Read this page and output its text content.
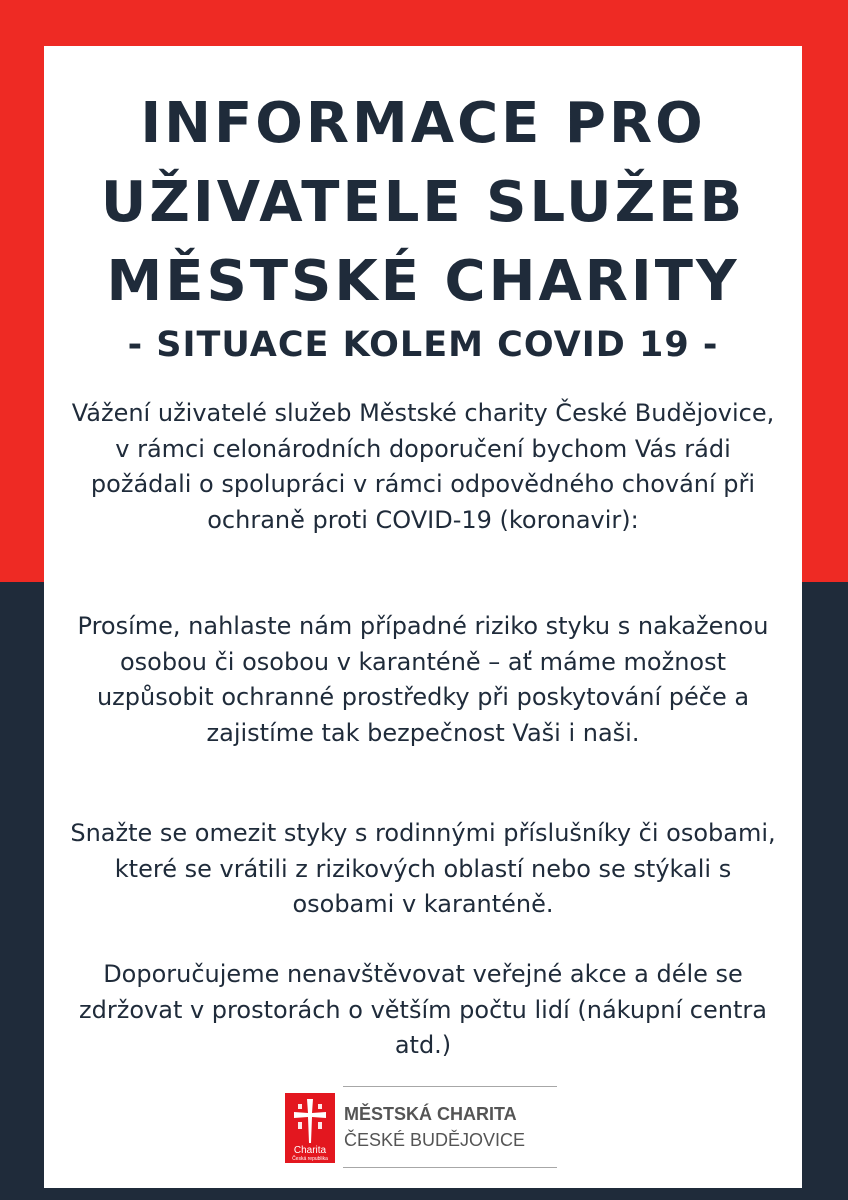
INFORMACE PRO
UŽIVATELE SLUŽEB
MĚSTSKÉ CHARITY
- SITUACE KOLEM COVID 19 -

Vážení uživatelé služeb Městské charity České Budějovice, v rámci celonárodních doporučení bychom Vás rádi požádali o spolupráci v rámci odpovědného chování při ochraně proti COVID-19 (koronavir):

Prosíme, nahlaste nám případné riziko styku s nakaženou osobou či osobou v karanténě – ať máme možnost uzpůsobit ochranné prostředky při poskytování péče a zajistíme tak bezpečnost Vaši i naši.

Snažte se omezit styky s rodinnými příslušníky či osobami, které se vrátili z rizikových oblastí nebo se stýkali s osobami v karanténě.

Doporučujeme nenavštěvovat veřejné akce a déle se zdržovat v prostorách o větším počtu lidí (nákupní centra atd.)

Charita
Česká republika

MĚSTSKÁ CHARITA

ČESKÉ BUDĚJOVICE
